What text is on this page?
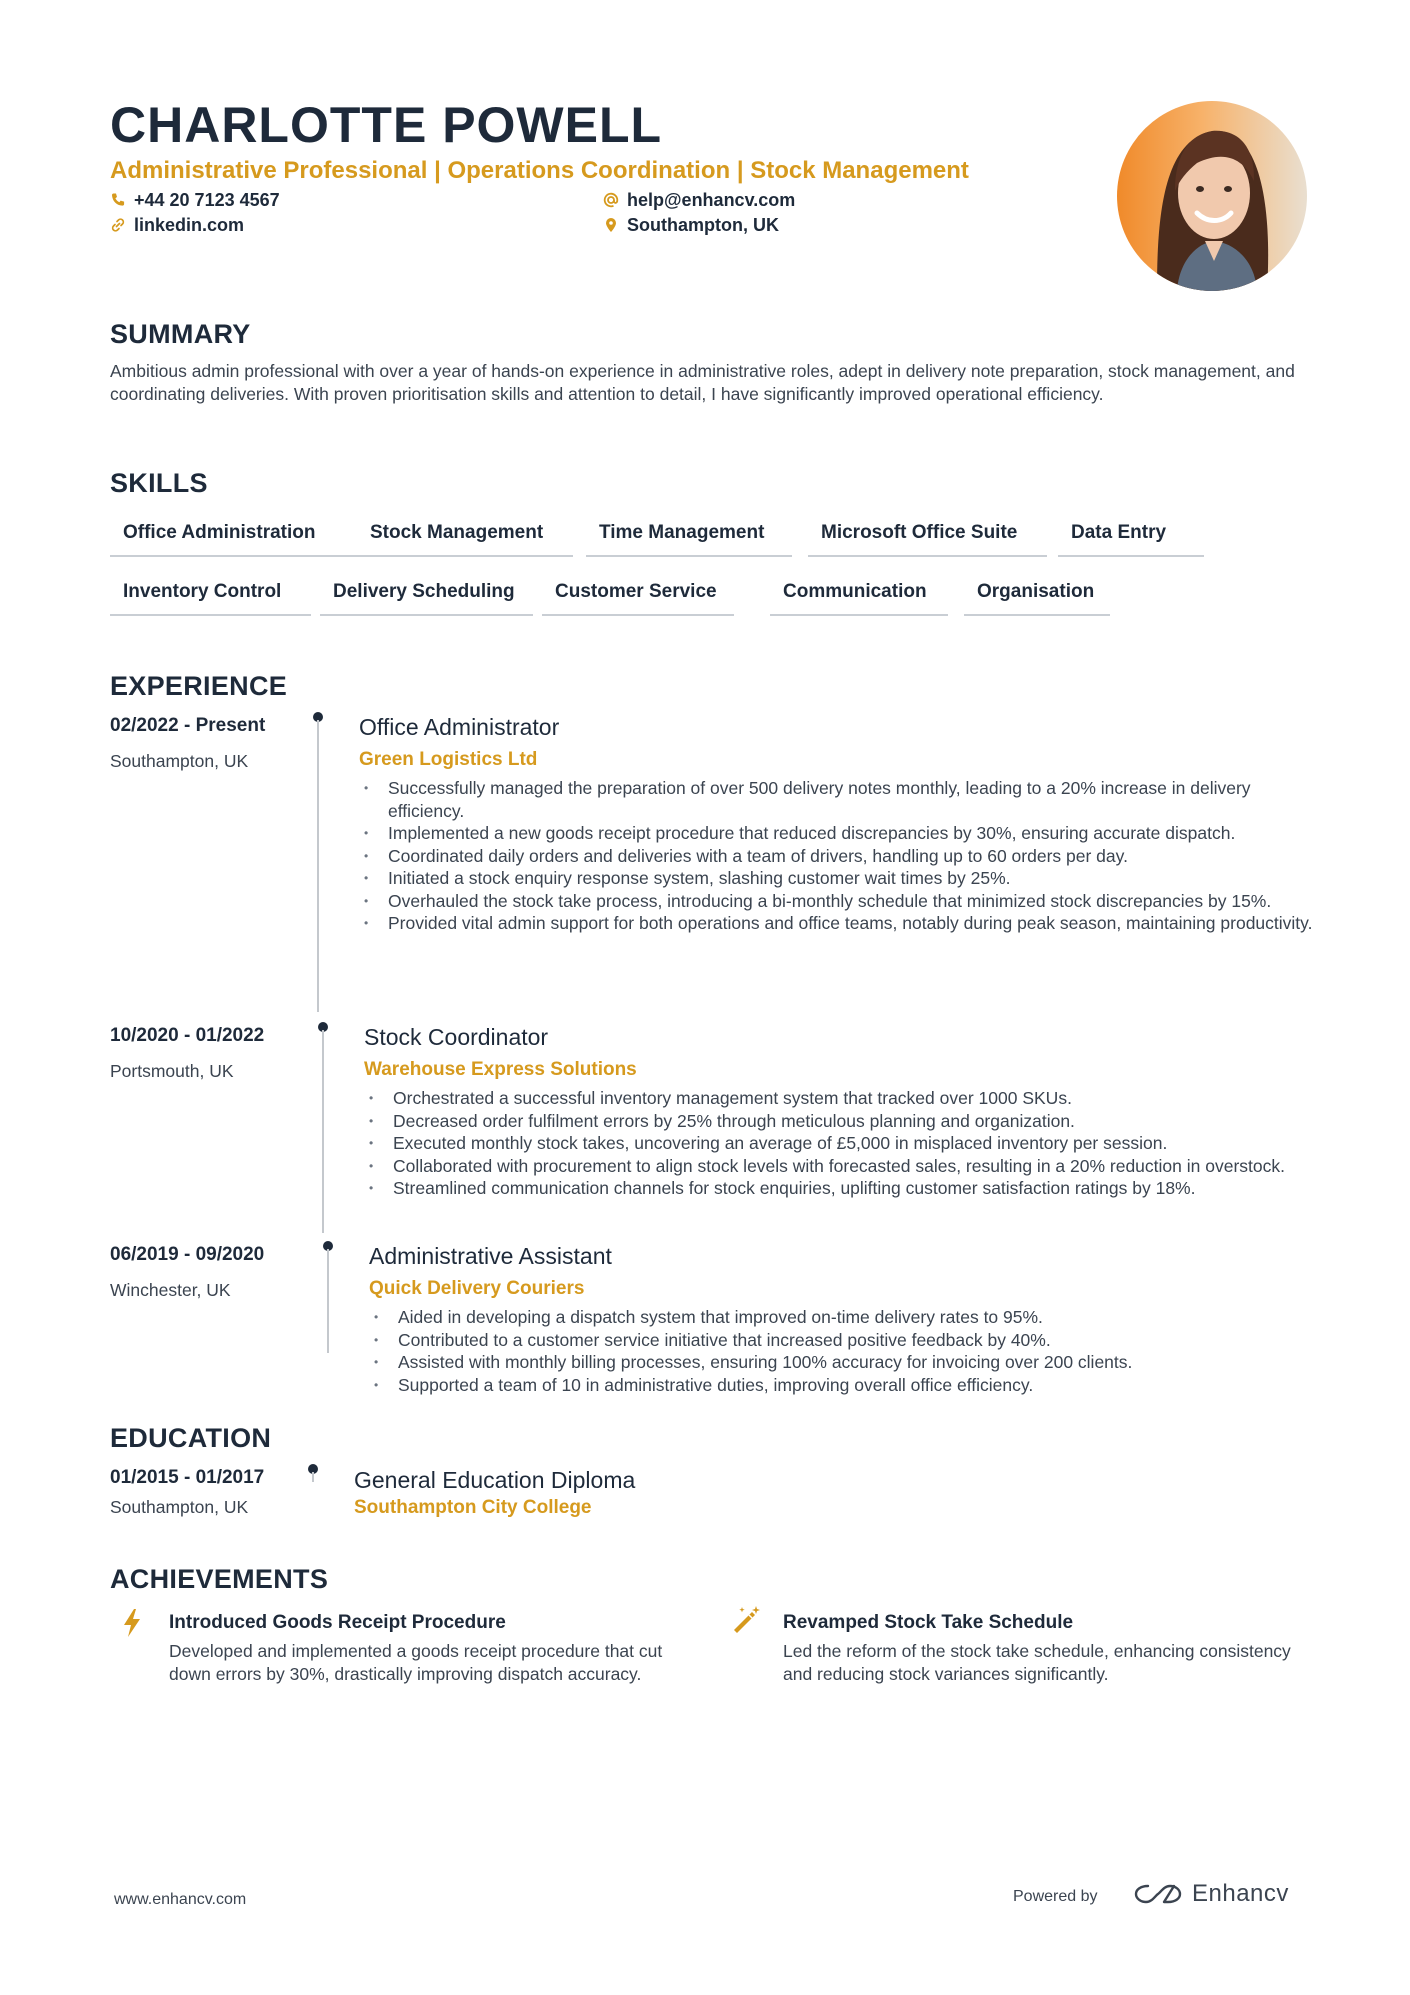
CHARLOTTE POWELL
Administrative Professional | Operations Coordination | Stock Management
+44 20 7123 4567	help@enhancv.com
linkedin.com	Southampton, UK
SUMMARY

Ambitious admin professional with over a year of hands-on experience in administrative roles, adept in delivery note preparation, stock management, and coordinating deliveries. With proven prioritisation skills and attention to detail, I have significantly improved operational efficiency.

SKILLS
Office Administration	Stock Management	Time Management	Microsoft Office Suite	Data Entry
Inventory Control	Delivery Scheduling	Customer Service	Communication	Organisation
EXPERIENCE
02/2022 - Present
Southampton, UK
Office Administrator
Green Logistics Ltd
• Successfully managed the preparation of over 500 delivery notes monthly, leading to a 20% increase in delivery efficiency.
• Implemented a new goods receipt procedure that reduced discrepancies by 30%, ensuring accurate dispatch.
• Coordinated daily orders and deliveries with a team of drivers, handling up to 60 orders per day.
• Initiated a stock enquiry response system, slashing customer wait times by 25%.
• Overhauled the stock take process, introducing a bi-monthly schedule that minimized stock discrepancies by 15%.
• Provided vital admin support for both operations and office teams, notably during peak season, maintaining productivity.
10/2020 - 01/2022
Portsmouth, UK
Stock Coordinator
Warehouse Express Solutions
• Orchestrated a successful inventory management system that tracked over 1000 SKUs.
• Decreased order fulfilment errors by 25% through meticulous planning and organization.
• Executed monthly stock takes, uncovering an average of £5,000 in misplaced inventory per session.
• Collaborated with procurement to align stock levels with forecasted sales, resulting in a 20% reduction in overstock.
• Streamlined communication channels for stock enquiries, uplifting customer satisfaction ratings by 18%.
06/2019 - 09/2020
Winchester, UK
Administrative Assistant
Quick Delivery Couriers
• Aided in developing a dispatch system that improved on-time delivery rates to 95%.
• Contributed to a customer service initiative that increased positive feedback by 40%.
• Assisted with monthly billing processes, ensuring 100% accuracy for invoicing over 200 clients.
• Supported a team of 10 in administrative duties, improving overall office efficiency.
EDUCATION
01/2015 - 01/2017
Southampton, UK
General Education Diploma
Southampton City College
ACHIEVEMENTS
Introduced Goods Receipt Procedure
Developed and implemented a goods receipt procedure that cut down errors by 30%, drastically improving dispatch accuracy.
Revamped Stock Take Schedule
Led the reform of the stock take schedule, enhancing consistency and reducing stock variances significantly.
www.enhancv.com	Powered by	Enhancv
